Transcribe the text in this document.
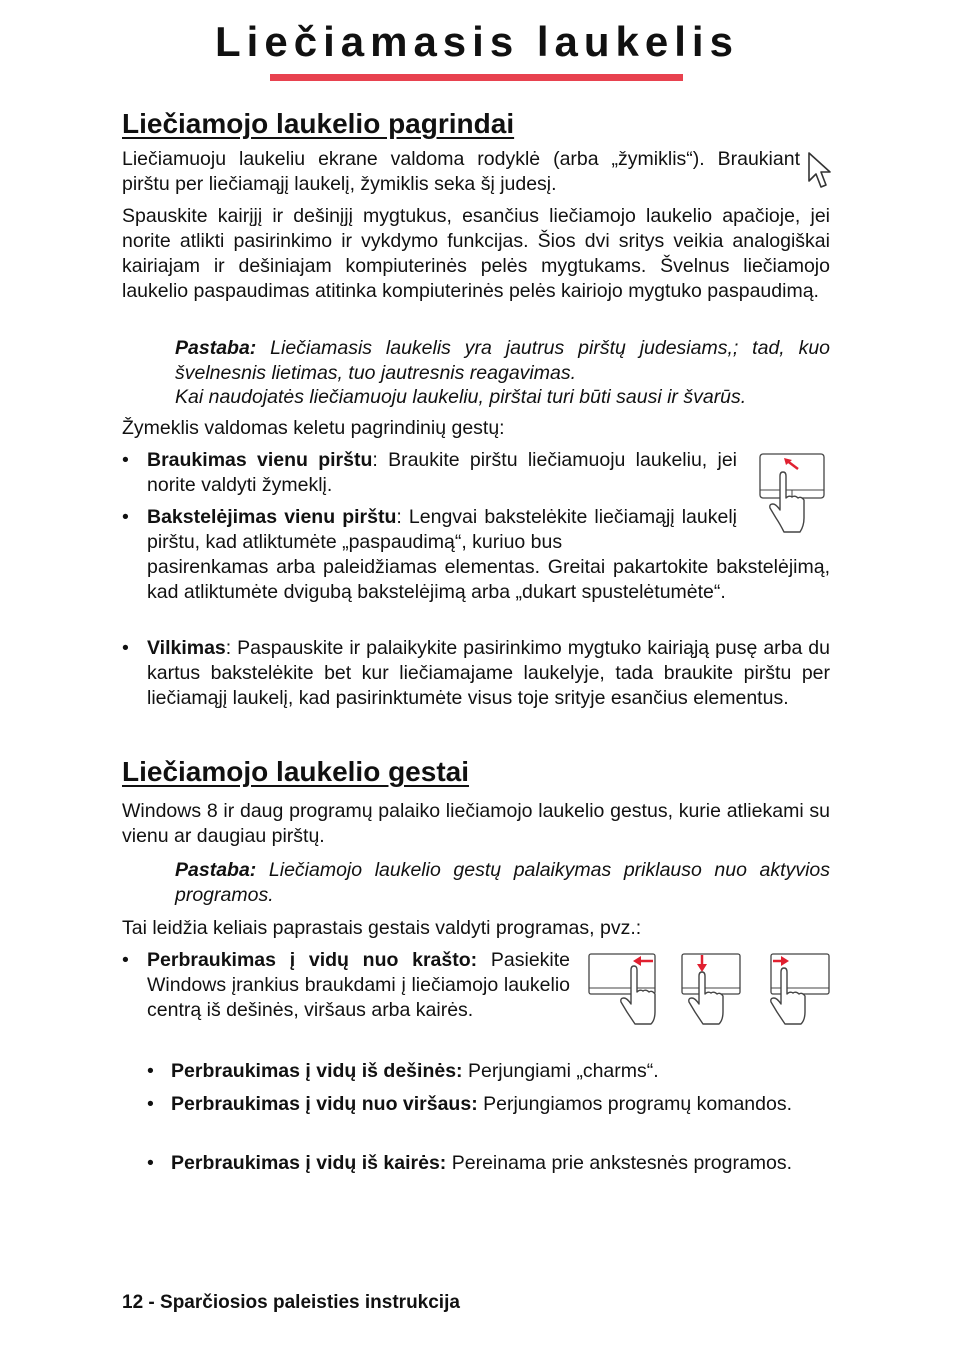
Liečiamasis laukelis
Liečiamojo laukelio pagrindai

Liečiamuoju laukeliu ekrane valdoma rodyklė (arba „žymiklis“). Braukiant pirštu per liečiamąjį laukelį, žymiklis seka šį judesį.

Spauskite kairįjį ir dešinįjį mygtukus, esančius liečiamojo laukelio apačioje, jei norite atlikti pasirinkimo ir vykdymo funkcijas. Šios dvi sritys veikia analogiškai kairiajam ir dešiniajam kompiuterinės pelės mygtukams. Švelnus liečiamojo laukelio paspaudimas atitinka kompiuterinės pelės kairiojo mygtuko paspaudimą.

Pastaba: Liečiamasis laukelis yra jautrus pirštų judesiams,; tad, kuo švelnesnis lietimas, tuo jautresnis reagavimas.

Kai naudojatės liečiamuoju laukeliu, pirštai turi būti sausi ir švarūs.

Žymeklis valdomas keletu pagrindinių gestų:

• Braukimas vienu pirštu: Braukite pirštu liečiamuoju laukeliu, jei norite valdyti žymeklį.

• Bakstelėjimas vienu pirštu: Lengvai bakstelėkite liečiamąjį laukelį pirštu, kad atliktumėte „paspaudimą“, kuriuo bus

pasirenkamas arba paleidžiamas elementas. Greitai pakartokite bakstelėjimą, kad atliktumėte dvigubą bakstelėjimą arba „dukart spustelėtumėte“.

• Vilkimas: Paspauskite ir palaikykite pasirinkimo mygtuko kairiąją pusę arba du kartus bakstelėkite bet kur liečiamajame laukelyje, tada braukite pirštu per liečiamąjį laukelį, kad pasirinktumėte visus toje srityje esančius elementus.

Liečiamojo laukelio gestai

Windows 8 ir daug programų palaiko liečiamojo laukelio gestus, kurie atliekami su vienu ar daugiau pirštų.

Pastaba: Liečiamojo laukelio gestų palaikymas priklauso nuo aktyvios programos.

Tai leidžia keliais paprastais gestais valdyti programas, pvz.:

• Perbraukimas į vidų nuo krašto: Pasiekite Windows įrankius braukdami į liečiamojo laukelio centrą iš dešinės, viršaus arba kairės.

• Perbraukimas į vidų iš dešinės: Perjungiami „charms“.

• Perbraukimas į vidų nuo viršaus: Perjungiamos programų komandos.

• Perbraukimas į vidų iš kairės: Pereinama prie ankstesnės programos.

12 - Sparčiosios paleisties instrukcija
